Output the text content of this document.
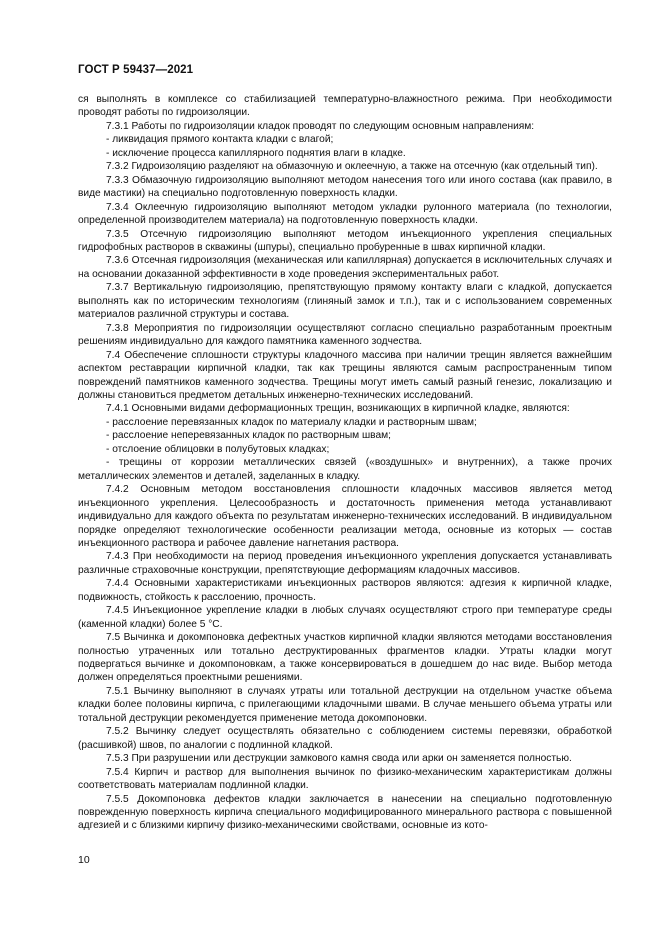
ГОСТ Р 59437—2021

ся выполнять в комплексе со стабилизацией температурно-влажностного режима. При необходимости проводят работы по гидроизоляции.

7.3.1 Работы по гидроизоляции кладок проводят по следующим основным направлениям:

- ликвидация прямого контакта кладки с влагой;

- исключение процесса капиллярного поднятия влаги в кладке.

7.3.2 Гидроизоляцию разделяют на обмазочную и оклеечную, а также на отсечную (как отдельный тип).

7.3.3 Обмазочную гидроизоляцию выполняют методом нанесения того или иного состава (как правило, в виде мастики) на специально подготовленную поверхность кладки.

7.3.4 Оклеечную гидроизоляцию выполняют методом укладки рулонного материала (по технологии, определенной производителем материала) на подготовленную поверхность кладки.

7.3.5 Отсечную гидроизоляцию выполняют методом инъекционного укрепления специальных гидрофобных растворов в скважины (шпуры), специально пробуренные в швах кирпичной кладки.

7.3.6 Отсечная гидроизоляция (механическая или капиллярная) допускается в исключительных случаях и на основании доказанной эффективности в ходе проведения экспериментальных работ.

7.3.7 Вертикальную гидроизоляцию, препятствующую прямому контакту влаги с кладкой, допускается выполнять как по историческим технологиям (глиняный замок и т.п.), так и с использованием современных материалов различной структуры и состава.

7.3.8 Мероприятия по гидроизоляции осуществляют согласно специально разработанным проектным решениям индивидуально для каждого памятника каменного зодчества.

7.4 Обеспечение сплошности структуры кладочного массива при наличии трещин является важнейшим аспектом реставрации кирпичной кладки, так как трещины являются самым распространенным типом повреждений памятников каменного зодчества. Трещины могут иметь самый разный генезис, локализацию и должны становиться предметом детальных инженерно-технических исследований.

7.4.1 Основными видами деформационных трещин, возникающих в кирпичной кладке, являются:

- расслоение перевязанных кладок по материалу кладки и растворным швам;

- расслоение неперевязанных кладок по растворным швам;

- отслоение облицовки в полубутовых кладках;

- трещины от коррозии металлических связей («воздушных» и внутренних), а также прочих металлических элементов и деталей, заделанных в кладку.

7.4.2 Основным методом восстановления сплошности кладочных массивов является метод инъекционного укрепления. Целесообразность и достаточность применения метода устанавливают индивидуально для каждого объекта по результатам инженерно-технических исследований. В индивидуальном порядке определяют технологические особенности реализации метода, основные из которых — состав инъекционного раствора и рабочее давление нагнетания раствора.

7.4.3 При необходимости на период проведения инъекционного укрепления допускается устанавливать различные страховочные конструкции, препятствующие деформациям кладочных массивов.

7.4.4 Основными характеристиками инъекционных растворов являются: адгезия к кирпичной кладке, подвижность, стойкость к расслоению, прочность.

7.4.5 Инъекционное укрепление кладки в любых случаях осуществляют строго при температуре среды (каменной кладки) более 5 °С.

7.5 Вычинка и докомпоновка дефектных участков кирпичной кладки являются методами восстановления полностью утраченных или тотально деструктированных фрагментов кладки. Утраты кладки могут подвергаться вычинке и докомпоновкам, а также консервироваться в дошедшем до нас виде. Выбор метода должен определяться проектными решениями.

7.5.1 Вычинку выполняют в случаях утраты или тотальной деструкции на отдельном участке объема кладки более половины кирпича, с прилегающими кладочными швами. В случае меньшего объема утраты или тотальной деструкции рекомендуется применение метода докомпоновки.

7.5.2 Вычинку следует осуществлять обязательно с соблюдением системы перевязки, обработкой (расшивкой) швов, по аналогии с подлинной кладкой.

7.5.3 При разрушении или деструкции замкового камня свода или арки он заменяется полностью.

7.5.4 Кирпич и раствор для выполнения вычинок по физико-механическим характеристикам должны соответствовать материалам подлинной кладки.

7.5.5 Докомпоновка дефектов кладки заключается в нанесении на специально подготовленную поврежденную поверхность кирпича специального модифицированного минерального раствора с повышенной адгезией и с близкими кирпичу физико-механическими свойствами, основные из кото-

10
